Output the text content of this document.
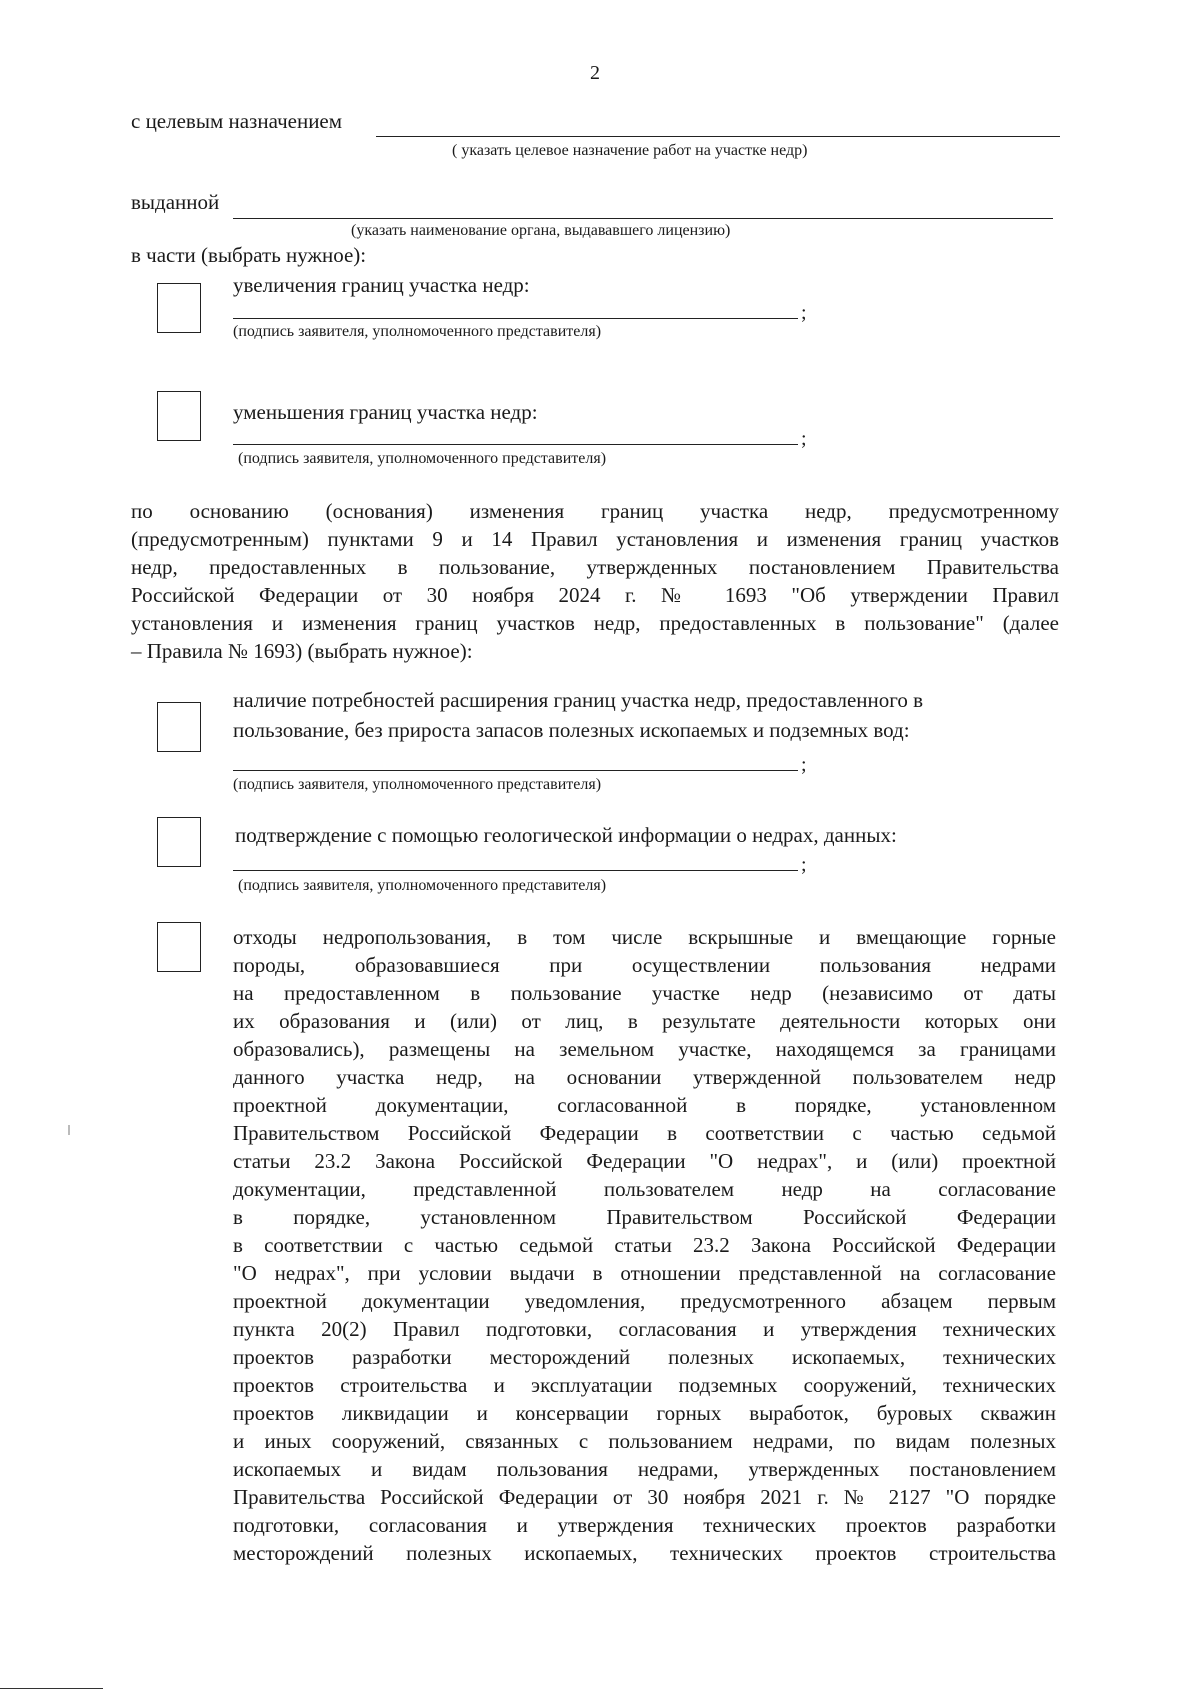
2
с целевым назначением
( указать целевое назначение работ на участке недр)
выданной
(указать наименование органа, выдававшего лицензию)
в части (выбрать нужное):
увеличения границ участка недр:
;
(подпись заявителя, уполномоченного представителя)
уменьшения границ участка недр:
;
(подпись заявителя, уполномоченного представителя)
по основанию (основания) изменения границ участка недр, предусмотренному
(предусмотренным) пунктами 9 и 14 Правил установления и изменения границ участков
недр, предоставленных в пользование, утвержденных постановлением Правительства
Российской Федерации от 30 ноября 2024 г. № 1693 "Об утверждении Правил
установления и изменения границ участков недр, предоставленных в пользование" (далее
– Правила № 1693) (выбрать нужное):
наличие потребностей расширения границ участка недр, предоставленного в
пользование, без прироста запасов полезных ископаемых и подземных вод:
;
(подпись заявителя, уполномоченного представителя)
подтверждение с помощью геологической информации о недрах, данных:
;
(подпись заявителя, уполномоченного представителя)
отходы недропользования, в том числе вскрышные и вмещающие горные
породы, образовавшиеся при осуществлении пользования недрами
на предоставленном в пользование участке недр (независимо от даты
их образования и (или) от лиц, в результате деятельности которых они
образовались), размещены на земельном участке, находящемся за границами
данного участка недр, на основании утвержденной пользователем недр
проектной документации, согласованной в порядке, установленном
Правительством Российской Федерации в соответствии с частью седьмой
статьи 23.2 Закона Российской Федерации "О недрах", и (или) проектной
документации, представленной пользователем недр на согласование
в порядке, установленном Правительством Российской Федерации
в соответствии с частью седьмой статьи 23.2 Закона Российской Федерации
"О недрах", при условии выдачи в отношении представленной на согласование
проектной документации уведомления, предусмотренного абзацем первым
пункта 20(2) Правил подготовки, согласования и утверждения технических
проектов разработки месторождений полезных ископаемых, технических
проектов строительства и эксплуатации подземных сооружений, технических
проектов ликвидации и консервации горных выработок, буровых скважин
и иных сооружений, связанных с пользованием недрами, по видам полезных
ископаемых и видам пользования недрами, утвержденных постановлением
Правительства Российской Федерации от 30 ноября 2021 г. № 2127 "О порядке
подготовки, согласования и утверждения технических проектов разработки
месторождений полезных ископаемых, технических проектов строительства
